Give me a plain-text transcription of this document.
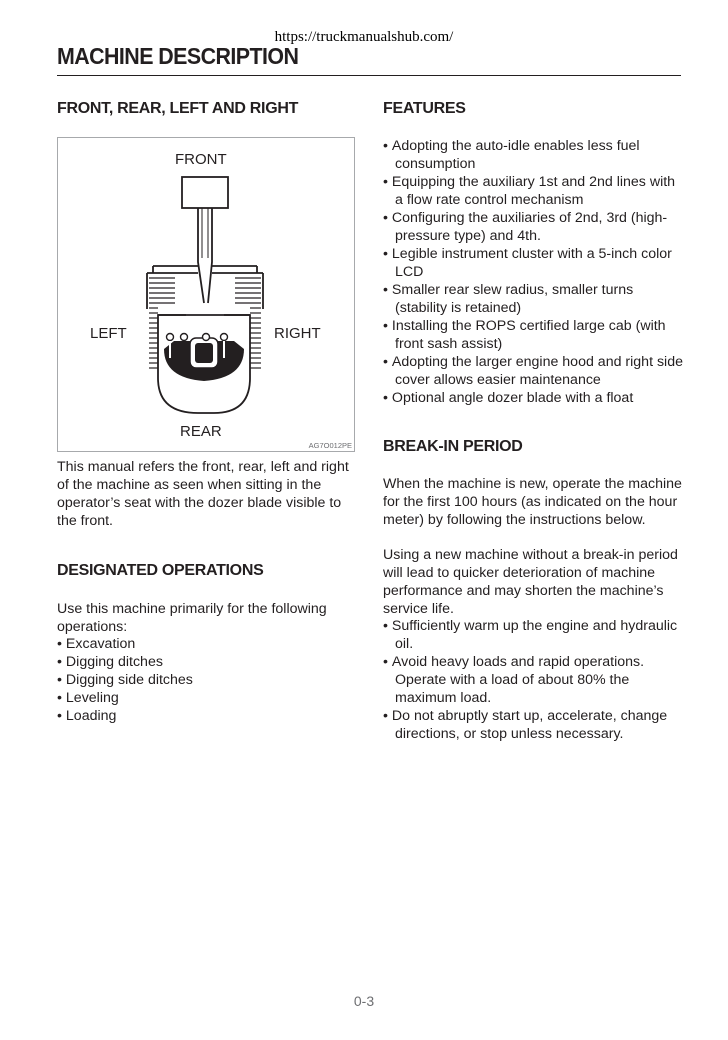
https://truckmanualshub.com/
MACHINE DESCRIPTION
FRONT, REAR, LEFT AND RIGHT
FRONT
LEFT	RIGHT
REAR
AG7O012PE

This manual refers the front, rear, left and right of the machine as seen when sitting in the operator’s seat with the dozer blade visible to the front.

DESIGNATED OPERATIONS

Use this machine primarily for the following operations:

• Excavation
• Digging ditches
• Digging side ditches
• Leveling
• Loading
FEATURES
• Adopting the auto-idle enables less fuel consumption
• Equipping the auxiliary 1st and 2nd lines with a flow rate control mechanism
• Configuring the auxiliaries of 2nd, 3rd (high-pressure type) and 4th.
• Legible instrument cluster with a 5-inch color LCD
• Smaller rear slew radius, smaller turns (stability is retained)
• Installing the ROPS certified large cab (with front sash assist)
• Adopting the larger engine hood and right side cover allows easier maintenance
• Optional angle dozer blade with a float
BREAK-IN PERIOD

When the machine is new, operate the machine for the first 100 hours (as indicated on the hour meter) by following the instructions below.

Using a new machine without a break-in period will lead to quicker deterioration of machine performance and may shorten the machine’s service life.

• Sufficiently warm up the engine and hydraulic oil.
• Avoid heavy loads and rapid operations. Operate with a load of about 80% the maximum load.
• Do not abruptly start up, accelerate, change directions, or stop unless necessary.
0-3
